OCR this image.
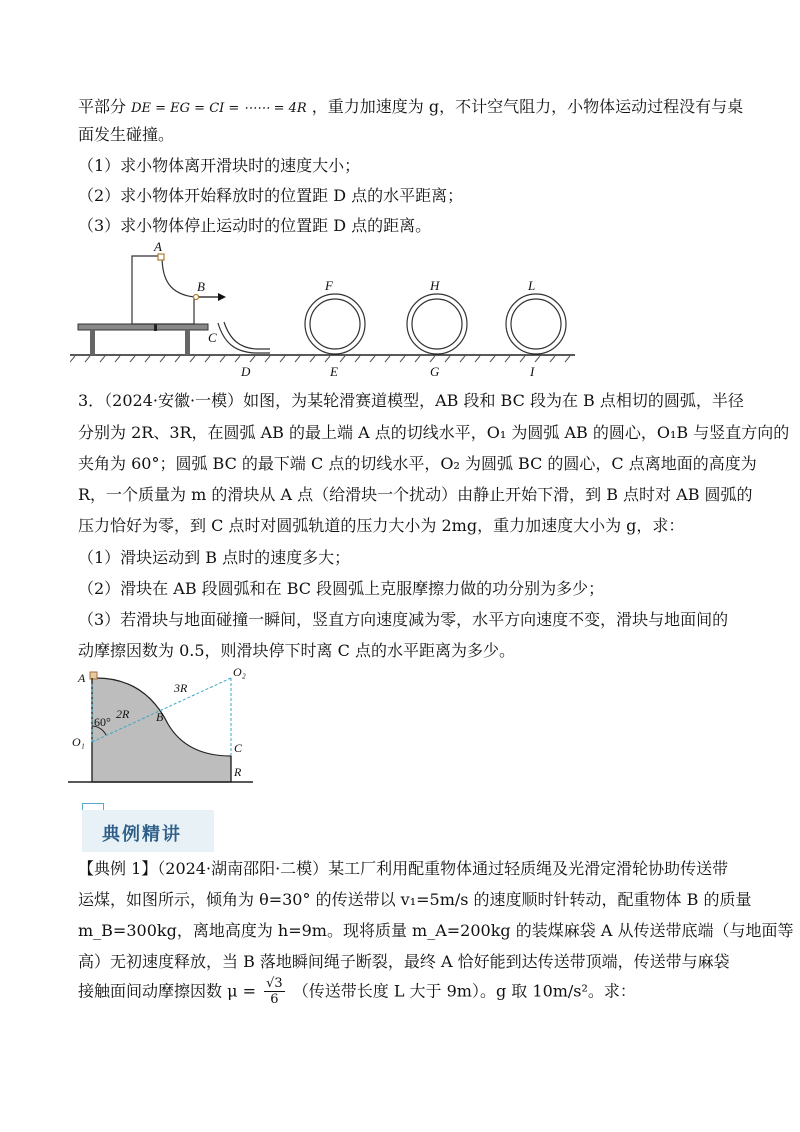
平部分 DE = EG = CI = ⋯⋯ = 4R ，重力加速度为 g，不计空气阻力，小物体运动过程没有与桌
面发生碰撞。
（1）求小物体离开滑块时的速度大小；
（2）求小物体开始释放时的位置距 D 点的水平距离；
（3）求小物体停止运动时的位置距 D 点的距离。
A
B
C
D	E
F
G
H
I
L
3．（2024·安徽·一模）如图，为某轮滑赛道模型，AB 段和 BC 段为在 B 点相切的圆弧，半径
分别为 2R、3R，在圆弧 AB 的最上端 A 点的切线水平，O₁ 为圆弧 AB 的圆心，O₁B 与竖直方向的
夹角为 60°；圆弧 BC 的最下端 C 点的切线水平，O₂ 为圆弧 BC 的圆心，C 点离地面的高度为
R，一个质量为 m 的滑块从 A 点（给滑块一个扰动）由静止开始下滑，到 B 点时对 AB 圆弧的
压力恰好为零，到 C 点时对圆弧轨道的压力大小为 2mg，重力加速度大小为 g，求：
（1）滑块运动到 B 点时的速度多大；
（2）滑块在 AB 段圆弧和在 BC 段圆弧上克服摩擦力做的功分别为多少；
（3）若滑块与地面碰撞一瞬间，竖直方向速度减为零，水平方向速度不变，滑块与地面间的
动摩擦因数为 0.5，则滑块停下时离 C 点的水平距离为多少。
A	O₂
3R
2R B
60°
O₁	C
R
典例精讲
【典例 1】（2024·湖南邵阳·二模）某工厂利用配重物体通过轻质绳及光滑定滑轮协助传送带
运煤，如图所示，倾角为 θ=30° 的传送带以 v₁=5m/s 的速度顺时针转动，配重物体 B 的质量
m_B=300kg，离地高度为 h=9m。现将质量 m_A=200kg 的装煤麻袋 A 从传送带底端（与地面等
高）无初速度释放，当 B 落地瞬间绳子断裂，最终 A 恰好能到达传送带顶端，传送带与麻袋
接触面间动摩擦因数 $\mu = \frac{√3}{6}$ （传送带长度 L 大于 9m）。g 取 10m/s²。求：
